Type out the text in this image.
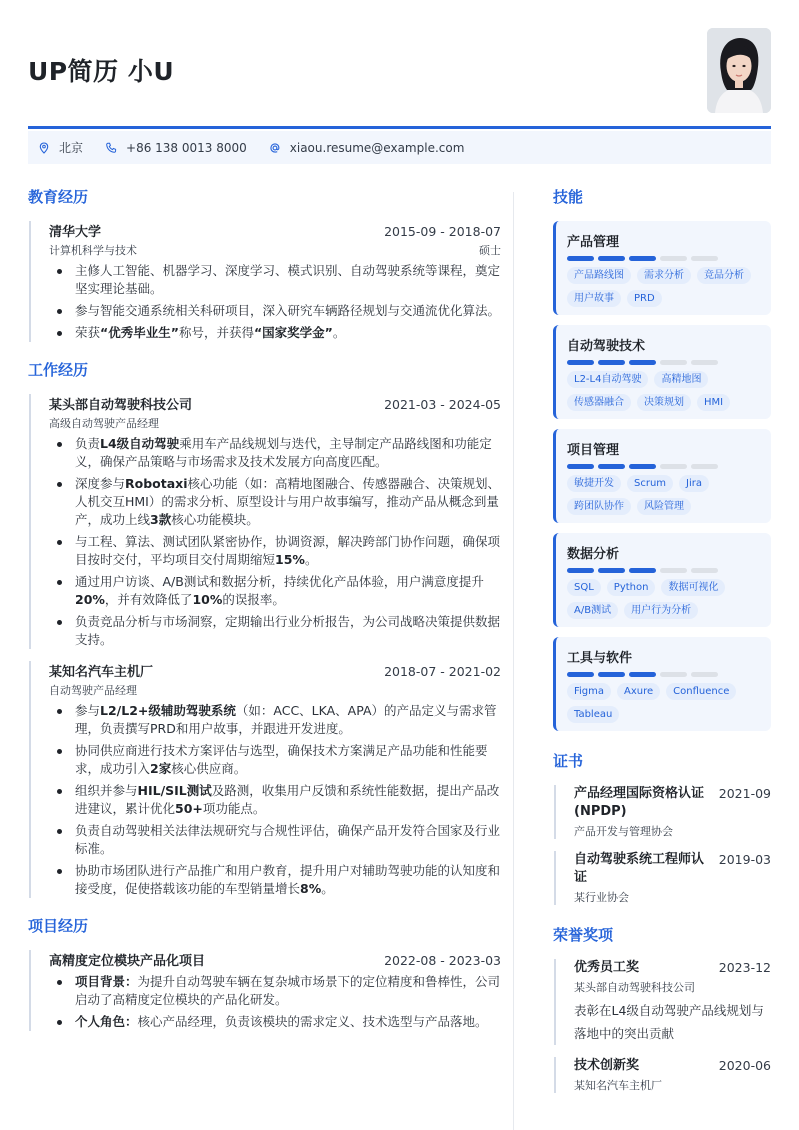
UP简历 小U
北京	+86 138 0013 8000	xiaou.resume@example.com
教育经历
清华大学	2015-09 - 2018-07
计算机科学与技术	硕士
主修人工智能、机器学习、深度学习、模式识别、自动驾驶系统等课程，奠定坚实理论基础。
参与智能交通系统相关科研项目，深入研究车辆路径规划与交通流优化算法。
荣获“优秀毕业生”称号，并获得“国家奖学金”。
工作经历
某头部自动驾驶科技公司	2021-03 - 2024-05
高级自动驾驶产品经理
负责L4级自动驾驶乘用车产品线规划与迭代，主导制定产品路线图和功能定义，确保产品策略与市场需求及技术发展方向高度匹配。
深度参与Robotaxi核心功能（如：高精地图融合、传感器融合、决策规划、人机交互HMI）的需求分析、原型设计与用户故事编写，推动产品从概念到量产，成功上线3款核心功能模块。
与工程、算法、测试团队紧密协作，协调资源，解决跨部门协作问题，确保项目按时交付，平均项目交付周期缩短15%。
通过用户访谈、A/B测试和数据分析，持续优化产品体验，用户满意度提升20%，并有效降低了10%的误报率。
负责竞品分析与市场洞察，定期输出行业分析报告，为公司战略决策提供数据支持。
某知名汽车主机厂	2018-07 - 2021-02
自动驾驶产品经理
参与L2/L2+级辅助驾驶系统（如：ACC、LKA、APA）的产品定义与需求管理，负责撰写PRD和用户故事，并跟进开发进度。
协同供应商进行技术方案评估与选型，确保技术方案满足产品功能和性能要求，成功引入2家核心供应商。
组织并参与HIL/SIL测试及路测，收集用户反馈和系统性能数据，提出产品改进建议，累计优化50+项功能点。
负责自动驾驶相关法律法规研究与合规性评估，确保产品开发符合国家及行业标准。
协助市场团队进行产品推广和用户教育，提升用户对辅助驾驶功能的认知度和接受度，促使搭载该功能的车型销量增长8%。
项目经历
高精度定位模块产品化项目	2022-08 - 2023-03
项目背景：为提升自动驾驶车辆在复杂城市场景下的定位精度和鲁棒性，公司启动了高精度定位模块的产品化研发。
个人角色：核心产品经理，负责该模块的需求定义、技术选型与产品落地。
技能
产品管理
产品路线图	需求分析	竞品分析
用户故事	PRD
自动驾驶技术
L2-L4自动驾驶	高精地图
传感器融合	决策规划	HMI
项目管理
敏捷开发	Scrum	Jira
跨团队协作	风险管理
数据分析
SQL	Python	数据可视化
A/B测试	用户行为分析
工具与软件
Figma	Axure	Confluence
Tableau
证书
产品经理国际资格认证 (NPDP)
2021-09
产品开发与管理协会
自动驾驶系统工程师认证
2019-03
某行业协会
荣誉奖项
优秀员工奖	2023-12
某头部自动驾驶科技公司
表彰在L4级自动驾驶产品线规划与落地中的突出贡献
技术创新奖	2020-06
某知名汽车主机厂
